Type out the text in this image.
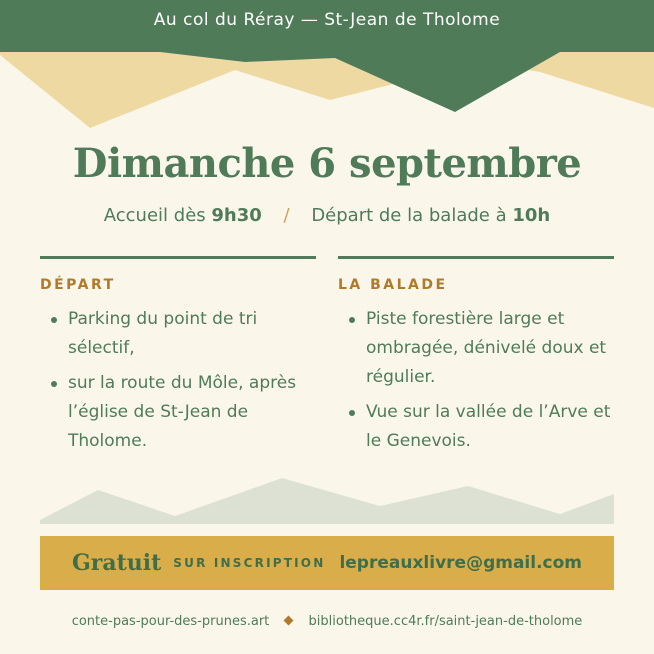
Au col du Réray — St-Jean de Tholome
Dimanche 6 septembre
Accueil dès 9h30 / Départ de la balade à 10h
DÉPART
Parking du point de tri sélectif,
sur la route du Môle, après l’église de St-Jean de Tholome.
LA BALADE
Piste forestière large et ombragée, dénivelé doux et régulier.
Vue sur la vallée de l’Arve et le Genevois.
Gratuit SUR INSCRIPTION lepreauxlivre@gmail.com
conte-pas-pour-des-prunes.art	bibliotheque.cc4r.fr/saint-jean-de-tholome
